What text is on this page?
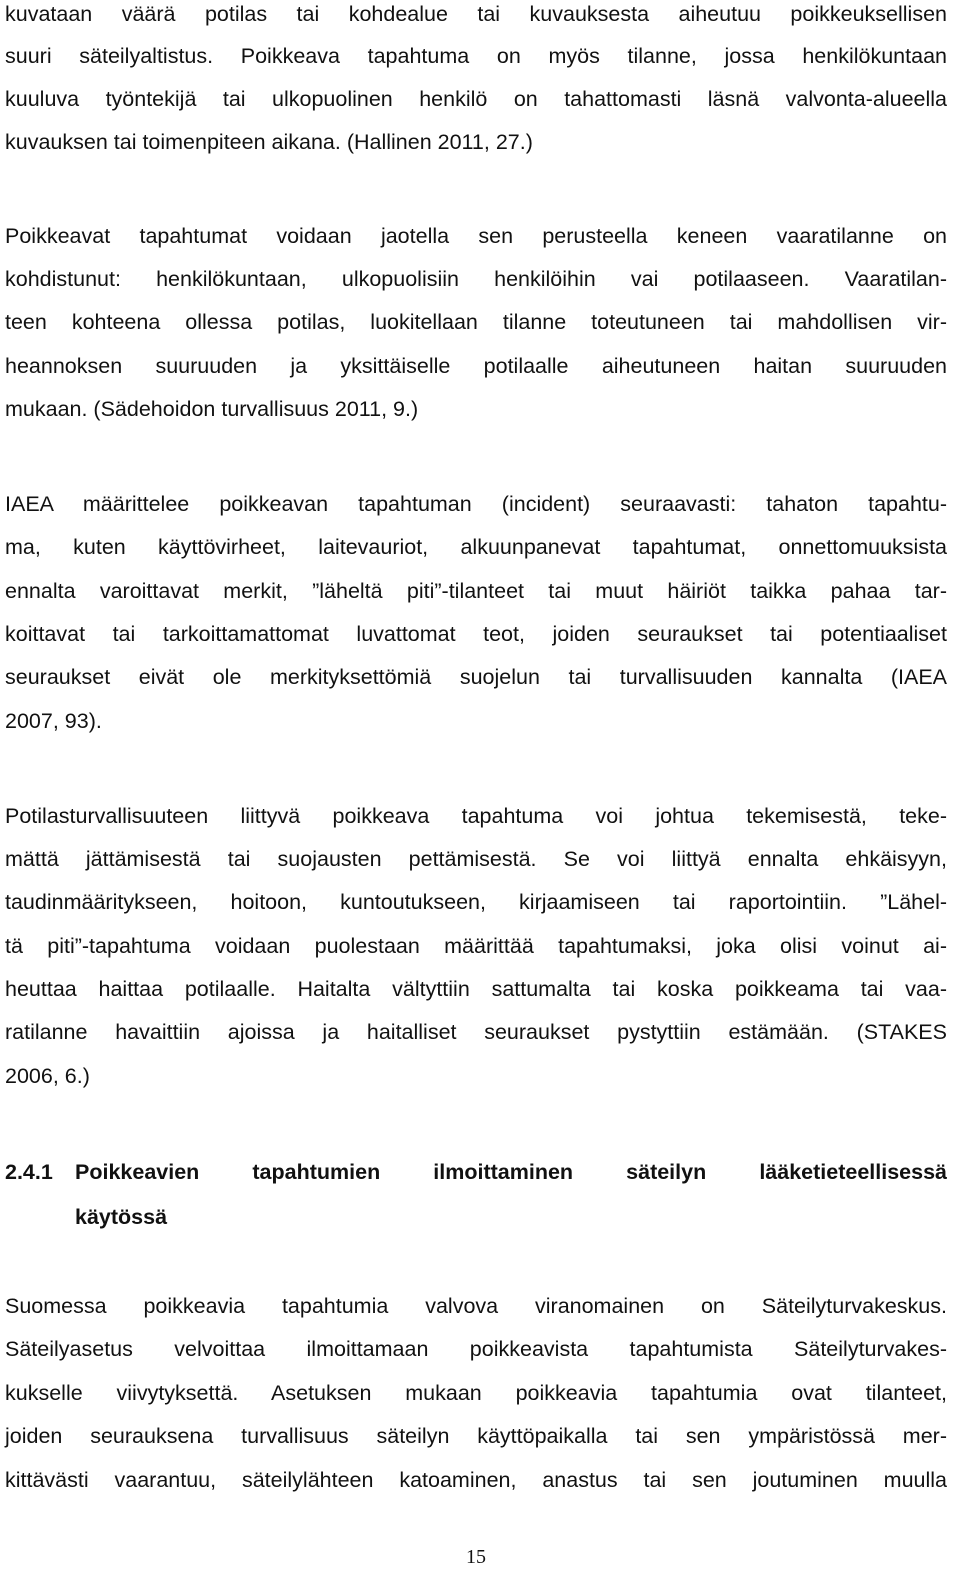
kuvataan väärä potilas tai kohdealue tai kuvauksesta aiheutuu poikkeuksellisen
suuri säteilyaltistus. Poikkeava tapahtuma on myös tilanne, jossa henkilökuntaan
kuuluva työntekijä tai ulkopuolinen henkilö on tahattomasti läsnä valvonta-alueella
kuvauksen tai toimenpiteen aikana. (Hallinen 2011, 27.)
Poikkeavat tapahtumat voidaan jaotella sen perusteella keneen vaaratilanne on
kohdistunut: henkilökuntaan, ulkopuolisiin henkilöihin vai potilaaseen. Vaaratilan-
teen kohteena ollessa potilas, luokitellaan tilanne toteutuneen tai mahdollisen vir-
heannoksen suuruuden ja yksittäiselle potilaalle aiheutuneen haitan suuruuden
mukaan. (Sädehoidon turvallisuus 2011, 9.)
IAEA määrittelee poikkeavan tapahtuman (incident) seuraavasti: tahaton tapahtu-
ma, kuten käyttövirheet, laitevauriot, alkuunpanevat tapahtumat, onnettomuuksista
ennalta varoittavat merkit, ”läheltä piti”-tilanteet tai muut häiriöt taikka pahaa tar-
koittavat tai tarkoittamattomat luvattomat teot, joiden seuraukset tai potentiaaliset
seuraukset eivät ole merkityksettömiä suojelun tai turvallisuuden kannalta (IAEA
2007, 93).
Potilasturvallisuuteen liittyvä poikkeava tapahtuma voi johtua tekemisestä, teke-
mättä jättämisestä tai suojausten pettämisestä. Se voi liittyä ennalta ehkäisyyn,
taudinmääritykseen, hoitoon, kuntoutukseen, kirjaamiseen tai raportointiin. ”Lähel-
tä piti”-tapahtuma voidaan puolestaan määrittää tapahtumaksi, joka olisi voinut ai-
heuttaa haittaa potilaalle. Haitalta vältyttiin sattumalta tai koska poikkeama tai vaa-
ratilanne havaittiin ajoissa ja haitalliset seuraukset pystyttiin estämään. (STAKES
2006, 6.)
2.4.1 Poikkeavien tapahtumien ilmoittaminen säteilyn lääketieteellisessä
käytössä
Suomessa poikkeavia tapahtumia valvova viranomainen on Säteilyturvakeskus.
Säteilyasetus velvoittaa ilmoittamaan poikkeavista tapahtumista Säteilyturvakes-
kukselle viivytyksettä. Asetuksen mukaan poikkeavia tapahtumia ovat tilanteet,
joiden seurauksena turvallisuus säteilyn käyttöpaikalla tai sen ympäristössä mer-
kittävästi vaarantuu, säteilylähteen katoaminen, anastus tai sen joutuminen muulla
15
